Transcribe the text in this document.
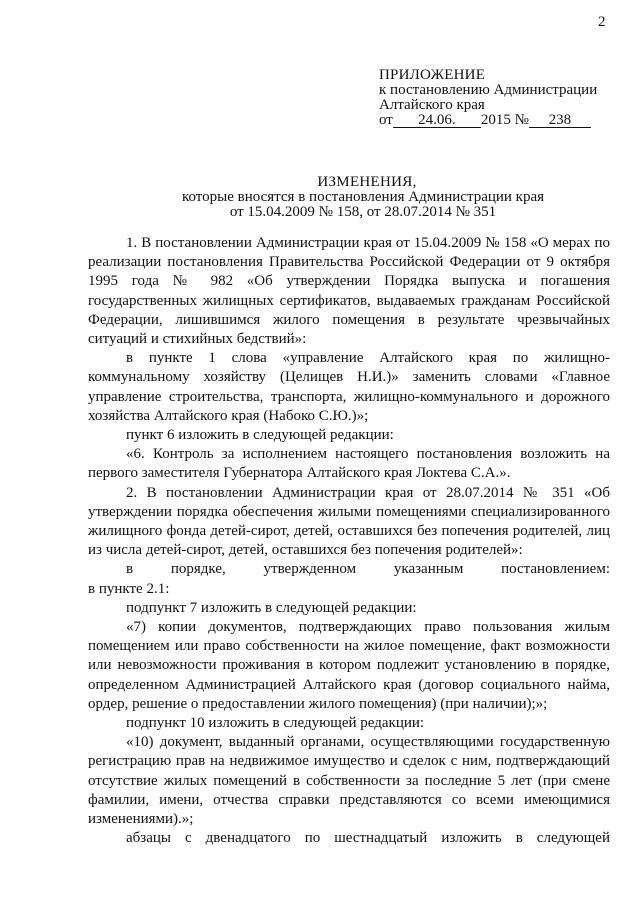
2
ПРИЛОЖЕНИЕ
к постановлению Администрации
Алтайского края
от 24.06. 2015 № 238
ИЗМЕНЕНИЯ,
которые вносятся в постановления Администрации края
от 15.04.2009 № 158, от 28.07.2014 № 351

1. В постановлении Администрации края от 15.04.2009 № 158 «О мерах по реализации постановления Правительства Российской Федерации от 9 октября 1995 года № 982 «Об утверждении Порядка выпуска и погашения государственных жилищных сертификатов, выдаваемых гражданам Российской Федерации, лишившимся жилого помещения в результате чрезвычайных ситуаций и стихийных бедствий»:

в пункте 1 слова «управление Алтайского края по жилищно-коммунальному хозяйству (Целищев Н.И.)» заменить словами «Главное управление строительства, транспорта, жилищно-коммунального и дорожного хозяйства Алтайского края (Набоко С.Ю.)»;

пункт 6 изложить в следующей редакции:

«6. Контроль за исполнением настоящего постановления возложить на первого заместителя Губернатора Алтайского края Локтева С.А.».

2. В постановлении Администрации края от 28.07.2014 № 351 «Об утверждении порядка обеспечения жилыми помещениями специализированного жилищного фонда детей-сирот, детей, оставшихся без попечения родителей, лиц из числа детей-сирот, детей, оставшихся без попечения родителей»:

в порядке, утвержденном указанным постановлением:

в пункте 2.1:

подпункт 7 изложить в следующей редакции:

«7) копии документов, подтверждающих право пользования жилым помещением или право собственности на жилое помещение, факт возможности или невозможности проживания в котором подлежит установлению в порядке, определенном Администрацией Алтайского края (договор социального найма, ордер, решение о предоставлении жилого помещения) (при наличии);»;

подпункт 10 изложить в следующей редакции:

«10) документ, выданный органами, осуществляющими государственную регистрацию прав на недвижимое имущество и сделок с ним, подтверждающий отсутствие жилых помещений в собственности за последние 5 лет (при смене фамилии, имени, отчества справки представляются со всеми имеющимися изменениями).»;

абзацы с двенадцатого по шестнадцатый изложить в следующей
